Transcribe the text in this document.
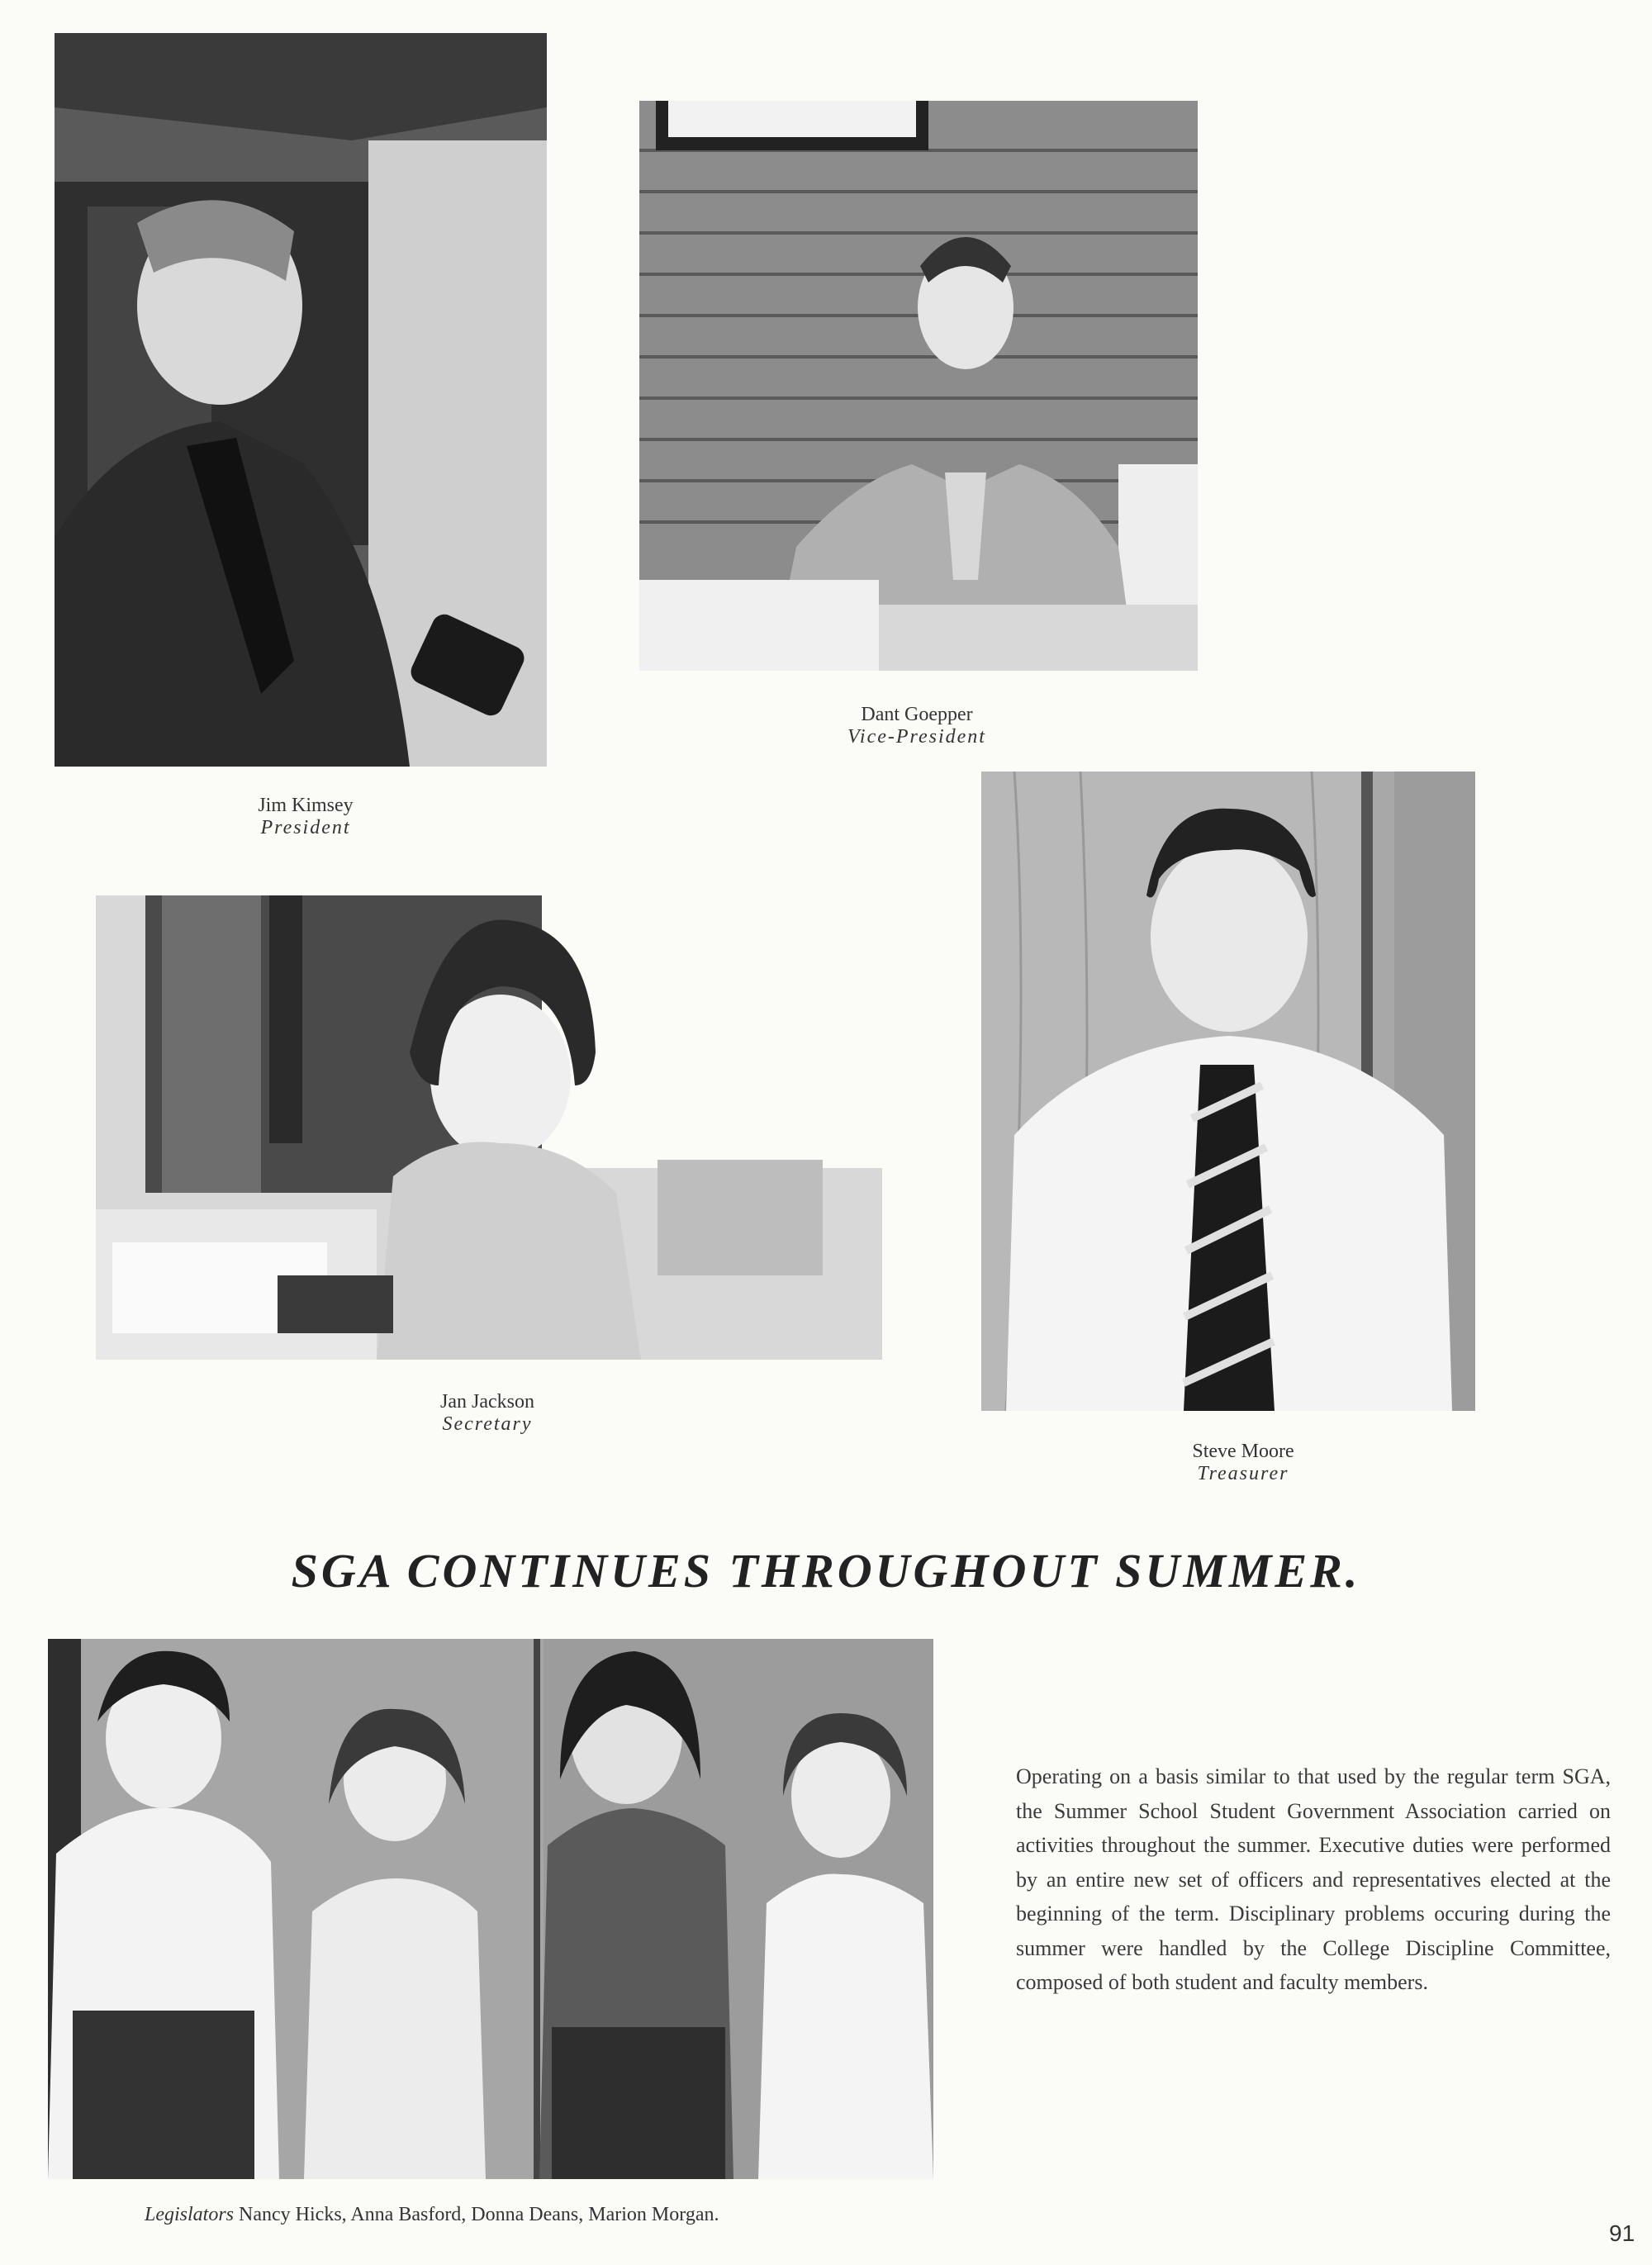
Jim Kimsey
President
Dant Goepper
Vice-President
Jan Jackson
Secretary
Steve Moore
Treasurer
SGA CONTINUES THROUGHOUT SUMMER.

Operating on a basis similar to that used by the regular term SGA, the Summer School Student Government Association carried on activities throughout the summer. Executive duties were performed by an entire new set of officers and representatives elected at the beginning of the term. Disciplinary problems occuring during the summer were handled by the College Discipline Committee, composed of both student and faculty members.

Legislators Nancy Hicks, Anna Basford, Donna Deans, Marion Morgan.
91
